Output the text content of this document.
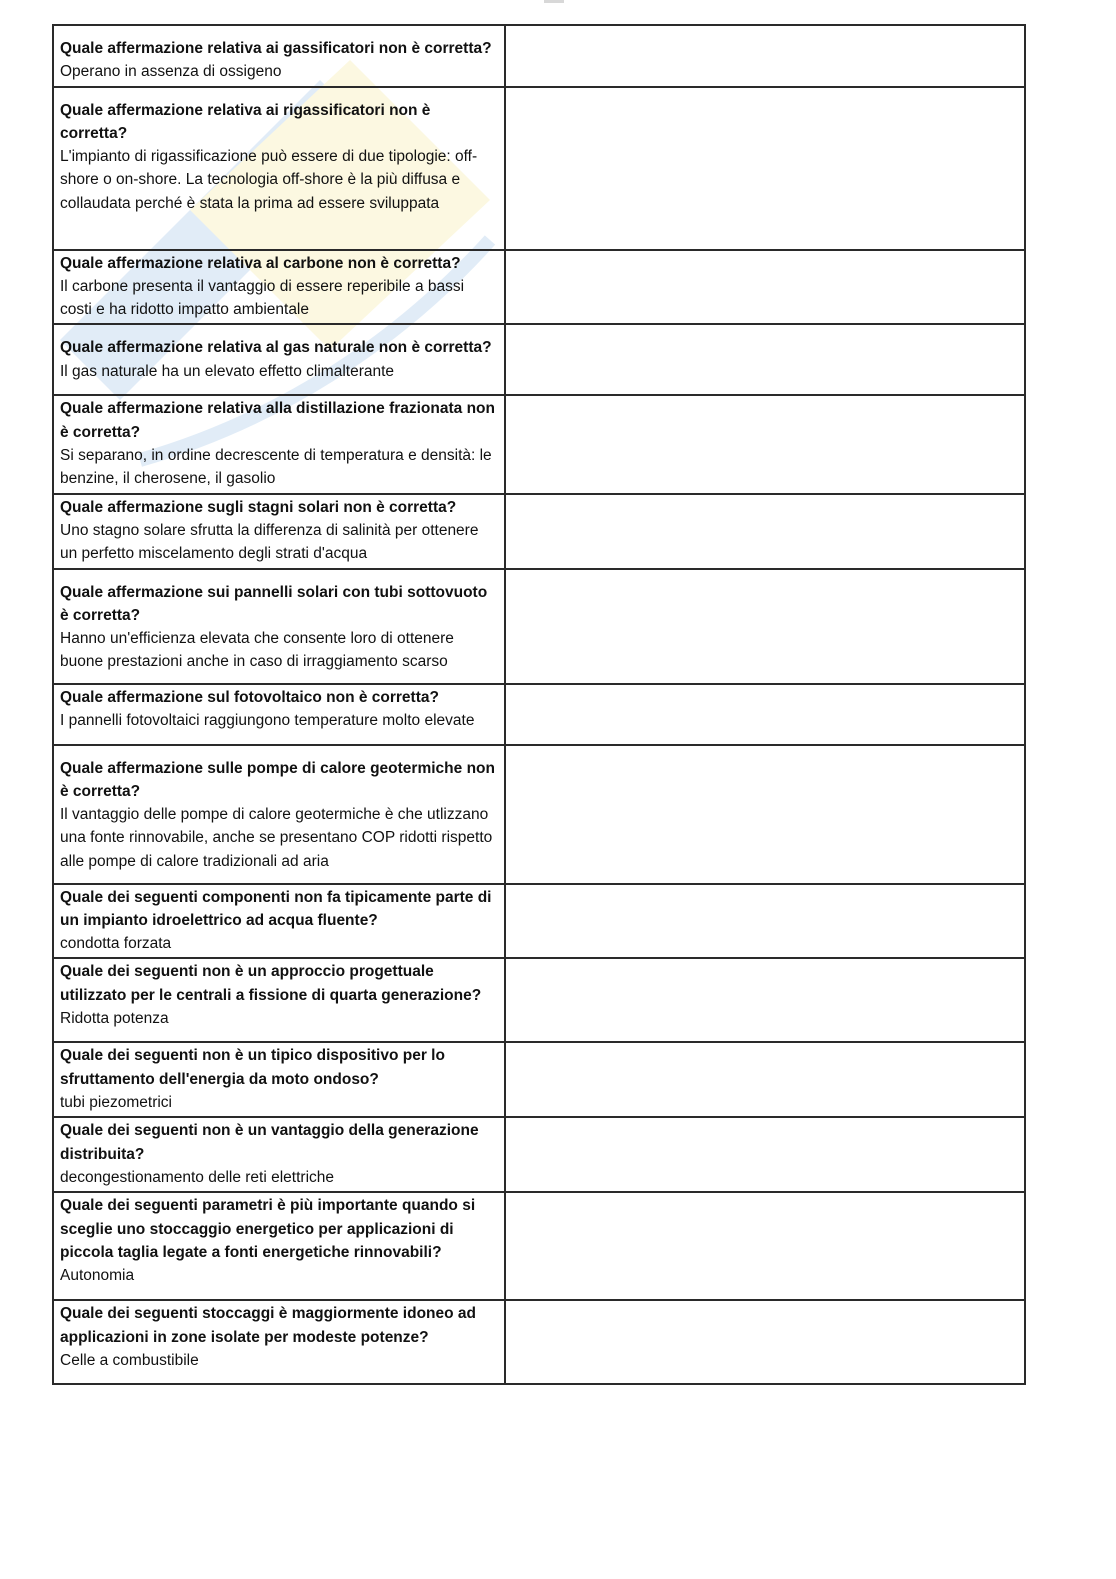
Quale affermazione relativa ai gassificatori non è corretta?
Operano in assenza di ossigeno	

Quale affermazione relativa ai rigassificatori non è corretta?
L'impianto di rigassificazione può essere di due tipologie: off-shore o on-shore. La tecnologia off-shore è la più diffusa e collaudata perché è stata la prima ad essere sviluppata	

Quale affermazione relativa al carbone non è corretta?
Il carbone presenta il vantaggio di essere reperibile a bassi costi e ha ridotto impatto ambientale	

Quale affermazione relativa al gas naturale non è corretta?
Il gas naturale ha un elevato effetto climalterante	

Quale affermazione relativa alla distillazione frazionata non è corretta?
Si separano, in ordine decrescente di temperatura e densità: le benzine, il cherosene, il gasolio	

Quale affermazione sugli stagni solari non è corretta?
Uno stagno solare sfrutta la differenza di salinità per ottenere un perfetto miscelamento degli strati d'acqua	

Quale affermazione sui pannelli solari con tubi sottovuoto è corretta?
Hanno un'efficienza elevata che consente loro di ottenere buone prestazioni anche in caso di irraggiamento scarso	

Quale affermazione sul fotovoltaico non è corretta?
I pannelli fotovoltaici raggiungono temperature molto elevate	

Quale affermazione sulle pompe di calore geotermiche non è corretta?
Il vantaggio delle pompe di calore geotermiche è che utlizzano una fonte rinnovabile, anche se presentano COP ridotti rispetto alle pompe di calore tradizionali ad aria	

Quale dei seguenti componenti non fa tipicamente parte di un impianto idroelettrico ad acqua fluente?
condotta forzata	

Quale dei seguenti non è un approccio progettuale utilizzato per le centrali a fissione di quarta generazione?
Ridotta potenza	

Quale dei seguenti non è un tipico dispositivo per lo sfruttamento dell'energia da moto ondoso?
tubi piezometrici	

Quale dei seguenti non è un vantaggio della generazione distribuita?
decongestionamento delle reti elettriche	

Quale dei seguenti parametri è più importante quando si sceglie uno stoccaggio energetico per applicazioni di piccola taglia legate a fonti energetiche rinnovabili?
Autonomia	

Quale dei seguenti stoccaggi è maggiormente idoneo ad applicazioni in zone isolate per modeste potenze?
Celle a combustibile	
